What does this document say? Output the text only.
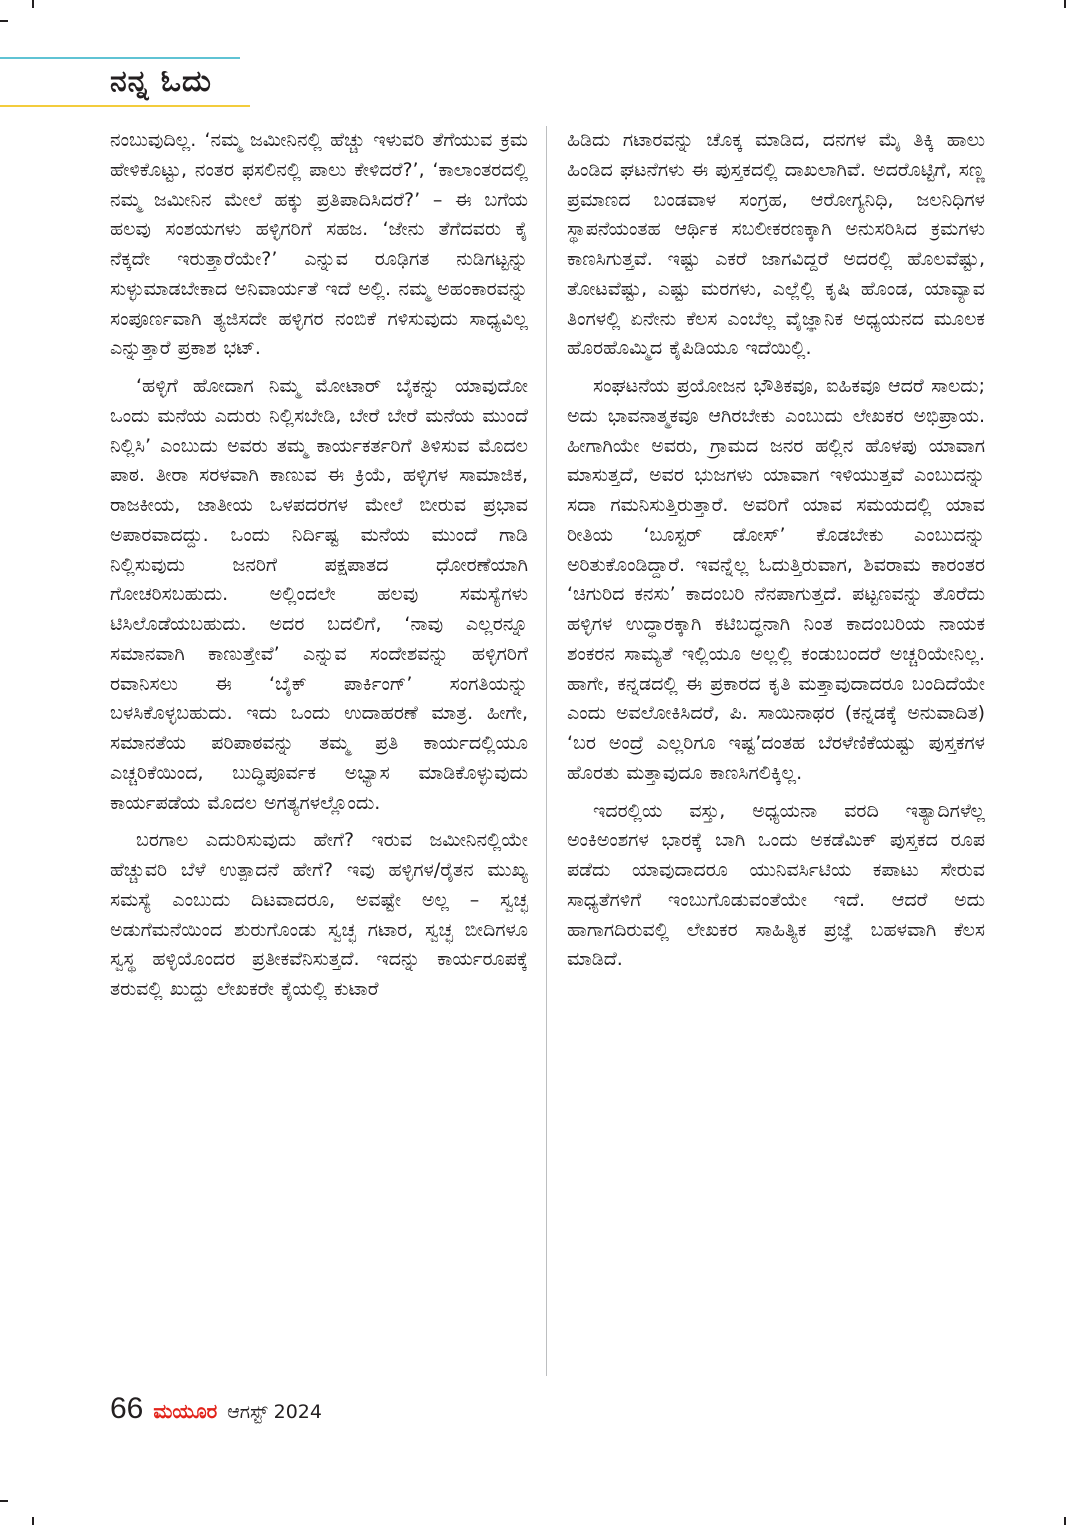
ನನ್ನ ಓದು

ನಂಬುವುದಿಲ್ಲ. ‘ನಮ್ಮ ಜಮೀನಿನಲ್ಲಿ ಹೆಚ್ಚು ಇಳುವರಿ ತೆಗೆಯುವ ಕ್ರಮ ಹೇಳಿಕೊಟ್ಟು, ನಂತರ ಫಸಲಿನಲ್ಲಿ ಪಾಲು ಕೇಳಿದರೆ?’, ‘ಕಾಲಾಂತರದಲ್ಲಿ ನಮ್ಮ ಜಮೀನಿನ ಮೇಲೆ ಹಕ್ಕು ಪ್ರತಿಪಾದಿಸಿದರೆ?’ – ಈ ಬಗೆಯ ಹಲವು ಸಂಶಯಗಳು ಹಳ್ಳಿಗರಿಗೆ ಸಹಜ. ‘ಜೇನು ತೆಗೆದವರು ಕೈ ನೆಕ್ಕದೇ ಇರುತ್ತಾರೆಯೇ?’ ಎನ್ನುವ ರೂಢಿಗತ ನುಡಿಗಟ್ಟನ್ನು ಸುಳ್ಳುಮಾಡಬೇಕಾದ ಅನಿವಾರ್ಯತೆ ಇದೆ ಅಲ್ಲಿ. ನಮ್ಮ ಅಹಂಕಾರವನ್ನು ಸಂಪೂರ್ಣವಾಗಿ ತ್ಯಜಿಸದೇ ಹಳ್ಳಿಗರ ನಂಬಿಕೆ ಗಳಿಸುವುದು ಸಾಧ್ಯವಿಲ್ಲ ಎನ್ನುತ್ತಾರೆ ಪ್ರಕಾಶ ಭಟ್.

‘ಹಳ್ಳಿಗೆ ಹೋದಾಗ ನಿಮ್ಮ ಮೋಟಾರ್ ಬೈಕನ್ನು ಯಾವುದೋ ಒಂದು ಮನೆಯ ಎದುರು ನಿಲ್ಲಿಸಬೇಡಿ, ಬೇರೆ ಬೇರೆ ಮನೆಯ ಮುಂದೆ ನಿಲ್ಲಿಸಿ’ ಎಂಬುದು ಅವರು ತಮ್ಮ ಕಾರ್ಯಕರ್ತರಿಗೆ ತಿಳಿಸುವ ಮೊದಲ ಪಾಠ. ತೀರಾ ಸರಳವಾಗಿ ಕಾಣುವ ಈ ಕ್ರಿಯೆ, ಹಳ್ಳಿಗಳ ಸಾಮಾಜಿಕ, ರಾಜಕೀಯ, ಜಾತೀಯ ಒಳಪದರಗಳ ಮೇಲೆ ಬೀರುವ ಪ್ರಭಾವ ಅಪಾರವಾದದ್ದು. ಒಂದು ನಿರ್ದಿಷ್ಟ ಮನೆಯ ಮುಂದೆ ಗಾಡಿ ನಿಲ್ಲಿಸುವುದು ಜನರಿಗೆ ಪಕ್ಷಪಾತದ ಧೋರಣೆಯಾಗಿ ಗೋಚರಿಸಬಹುದು. ಅಲ್ಲಿಂದಲೇ ಹಲವು ಸಮಸ್ಯೆಗಳು ಟಿಸಿಲೊಡೆಯಬಹುದು. ಅದರ ಬದಲಿಗೆ, ‘ನಾವು ಎಲ್ಲರನ್ನೂ ಸಮಾನವಾಗಿ ಕಾಣುತ್ತೇವೆ’ ಎನ್ನುವ ಸಂದೇಶವನ್ನು ಹಳ್ಳಿಗರಿಗೆ ರವಾನಿಸಲು ಈ ‘ಬೈಕ್ ಪಾರ್ಕಿಂಗ್’ ಸಂಗತಿಯನ್ನು ಬಳಸಿಕೊಳ್ಳಬಹುದು. ಇದು ಒಂದು ಉದಾಹರಣೆ ಮಾತ್ರ. ಹೀಗೇ, ಸಮಾನತೆಯ ಪರಿಪಾಠವನ್ನು ತಮ್ಮ ಪ್ರತಿ ಕಾರ್ಯದಲ್ಲಿಯೂ ಎಚ್ಚರಿಕೆಯಿಂದ, ಬುದ್ಧಿಪೂರ್ವಕ ಅಭ್ಯಾಸ ಮಾಡಿಕೊಳ್ಳುವುದು ಕಾರ್ಯಪಡೆಯ ಮೊದಲ ಅಗತ್ಯಗಳಲ್ಲೊಂದು.

ಬರಗಾಲ ಎದುರಿಸುವುದು ಹೇಗೆ? ಇರುವ ಜಮೀನಿನಲ್ಲಿಯೇ ಹೆಚ್ಚುವರಿ ಬೆಳೆ ಉತ್ಪಾದನೆ ಹೇಗೆ? ಇವು ಹಳ್ಳಿಗಳ/ರೈತನ ಮುಖ್ಯ ಸಮಸ್ಯೆ ಎಂಬುದು ದಿಟವಾದರೂ, ಅವಷ್ಟೇ ಅಲ್ಲ – ಸ್ವಚ್ಛ ಅಡುಗೆಮನೆಯಿಂದ ಶುರುಗೊಂಡು ಸ್ವಚ್ಛ ಗಟಾರ, ಸ್ವಚ್ಛ ಬೀದಿಗಳೂ ಸ್ವಸ್ಥ ಹಳ್ಳಿಯೊಂದರ ಪ್ರತೀಕವೆನಿಸುತ್ತದೆ. ಇದನ್ನು ಕಾರ್ಯರೂಪಕ್ಕೆ ತರುವಲ್ಲಿ ಖುದ್ದು ಲೇಖಕರೇ ಕೈಯಲ್ಲಿ ಕುಟಾರೆ

ಹಿಡಿದು ಗಟಾರವನ್ನು ಚೊಕ್ಕ ಮಾಡಿದ, ದನಗಳ ಮೈ ತಿಕ್ಕಿ ಹಾಲು ಹಿಂಡಿದ ಘಟನೆಗಳು ಈ ಪುಸ್ತಕದಲ್ಲಿ ದಾಖಲಾಗಿವೆ. ಅದರೊಟ್ಟಿಗೆ, ಸಣ್ಣ ಪ್ರಮಾಣದ ಬಂಡವಾಳ ಸಂಗ್ರಹ, ಆರೋಗ್ಯನಿಧಿ, ಜಲನಿಧಿಗಳ ಸ್ಥಾಪನೆಯಂತಹ ಆರ್ಥಿಕ ಸಬಲೀಕರಣಕ್ಕಾಗಿ ಅನುಸರಿಸಿದ ಕ್ರಮಗಳು ಕಾಣಸಿಗುತ್ತವೆ. ಇಷ್ಟು ಎಕರೆ ಜಾಗವಿದ್ದರೆ ಅದರಲ್ಲಿ ಹೊಲವೆಷ್ಟು, ತೋಟವೆಷ್ಟು, ಎಷ್ಟು ಮರಗಳು, ಎಲ್ಲೆಲ್ಲಿ ಕೃಷಿ ಹೊಂಡ, ಯಾವ್ಯಾವ ತಿಂಗಳಲ್ಲಿ ಏನೇನು ಕೆಲಸ ಎಂಬೆಲ್ಲ ವೈಜ್ಞಾನಿಕ ಅಧ್ಯಯನದ ಮೂಲಕ ಹೊರಹೊಮ್ಮಿದ ಕೈಪಿಡಿಯೂ ಇದೆಯಿಲ್ಲಿ.

ಸಂಘಟನೆಯ ಪ್ರಯೋಜನ ಭೌತಿಕವೂ, ಐಹಿಕವೂ ಆದರೆ ಸಾಲದು; ಅದು ಭಾವನಾತ್ಮಕವೂ ಆಗಿರಬೇಕು ಎಂಬುದು ಲೇಖಕರ ಅಭಿಪ್ರಾಯ. ಹೀಗಾಗಿಯೇ ಅವರು, ಗ್ರಾಮದ ಜನರ ಹಲ್ಲಿನ ಹೊಳಪು ಯಾವಾಗ ಮಾಸುತ್ತದೆ, ಅವರ ಭುಜಗಳು ಯಾವಾಗ ಇಳಿಯುತ್ತವೆ ಎಂಬುದನ್ನು ಸದಾ ಗಮನಿಸುತ್ತಿರುತ್ತಾರೆ. ಅವರಿಗೆ ಯಾವ ಸಮಯದಲ್ಲಿ ಯಾವ ರೀತಿಯ ‘ಬೂಸ್ಟರ್ ಡೋಸ್’ ಕೊಡಬೇಕು ಎಂಬುದನ್ನು ಅರಿತುಕೊಂಡಿದ್ದಾರೆ. ಇವನ್ನೆಲ್ಲ ಓದುತ್ತಿರುವಾಗ, ಶಿವರಾಮ ಕಾರಂತರ ‘ಚಿಗುರಿದ ಕನಸು’ ಕಾದಂಬರಿ ನೆನಪಾಗುತ್ತದೆ. ಪಟ್ಟಣವನ್ನು ತೊರೆದು ಹಳ್ಳಿಗಳ ಉದ್ಧಾರಕ್ಕಾಗಿ ಕಟಿಬದ್ಧನಾಗಿ ನಿಂತ ಕಾದಂಬರಿಯ ನಾಯಕ ಶಂಕರನ ಸಾಮ್ಯತೆ ಇಲ್ಲಿಯೂ ಅಲ್ಲಲ್ಲಿ ಕಂಡುಬಂದರೆ ಅಚ್ಚರಿಯೇನಿಲ್ಲ. ಹಾಗೇ, ಕನ್ನಡದಲ್ಲಿ ಈ ಪ್ರಕಾರದ ಕೃತಿ ಮತ್ತಾವುದಾದರೂ ಬಂದಿದೆಯೇ ಎಂದು ಅವಲೋಕಿಸಿದರೆ, ಪಿ. ಸಾಯಿನಾಥರ (ಕನ್ನಡಕ್ಕೆ ಅನುವಾದಿತ) ‘ಬರ ಅಂದ್ರೆ ಎಲ್ಲರಿಗೂ ಇಷ್ಟ’ದಂತಹ ಬೆರಳೆಣಿಕೆಯಷ್ಟು ಪುಸ್ತಕಗಳ ಹೊರತು ಮತ್ತಾವುದೂ ಕಾಣಸಿಗಲಿಕ್ಕಿಲ್ಲ.

ಇದರಲ್ಲಿಯ ವಸ್ತು, ಅಧ್ಯಯನಾ ವರದಿ ಇತ್ಯಾದಿಗಳೆಲ್ಲ ಅಂಕಿಅಂಶಗಳ ಭಾರಕ್ಕೆ ಬಾಗಿ ಒಂದು ಅಕಡೆಮಿಕ್ ಪುಸ್ತಕದ ರೂಪ ಪಡೆದು ಯಾವುದಾದರೂ ಯುನಿವರ್ಸಿಟಿಯ ಕಪಾಟು ಸೇರುವ ಸಾಧ್ಯತೆಗಳಿಗೆ ಇಂಬುಗೊಡುವಂತೆಯೇ ಇದೆ. ಆದರೆ ಅದು ಹಾಗಾಗದಿರುವಲ್ಲಿ ಲೇಖಕರ ಸಾಹಿತ್ಯಿಕ ಪ್ರಜ್ಞೆ ಬಹಳವಾಗಿ ಕೆಲಸ ಮಾಡಿದೆ.

66 ಮಯೂರ ಆಗಸ್ಟ್ 2024
